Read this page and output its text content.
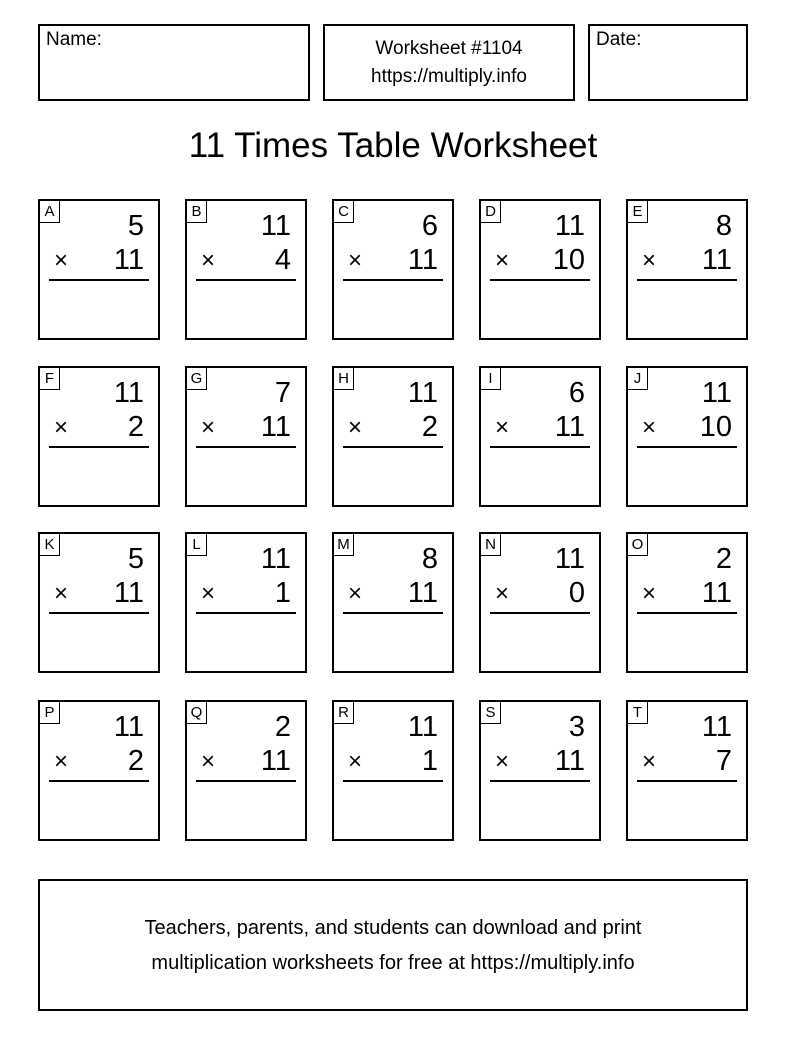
Name:	Worksheet #1104
https://multiply.info
Date:
11 Times Table Worksheet
A	5
× 11
B 11
× 4
C	6
× 11
D 11
× 10
E	8
× 11
F 11
× 2
G	7
× 11
H 11
× 2
I	6
× 11
J 11
× 10
K	5
× 11
L 11
× 1
M 8
× 11
N 11
× 0
O	2
× 11
P 11
× 2
Q	2
× 11
R 11
× 1
S	3
× 11
T 11
× 7
Teachers, parents, and students can download and print
multiplication worksheets for free at https://multiply.info
